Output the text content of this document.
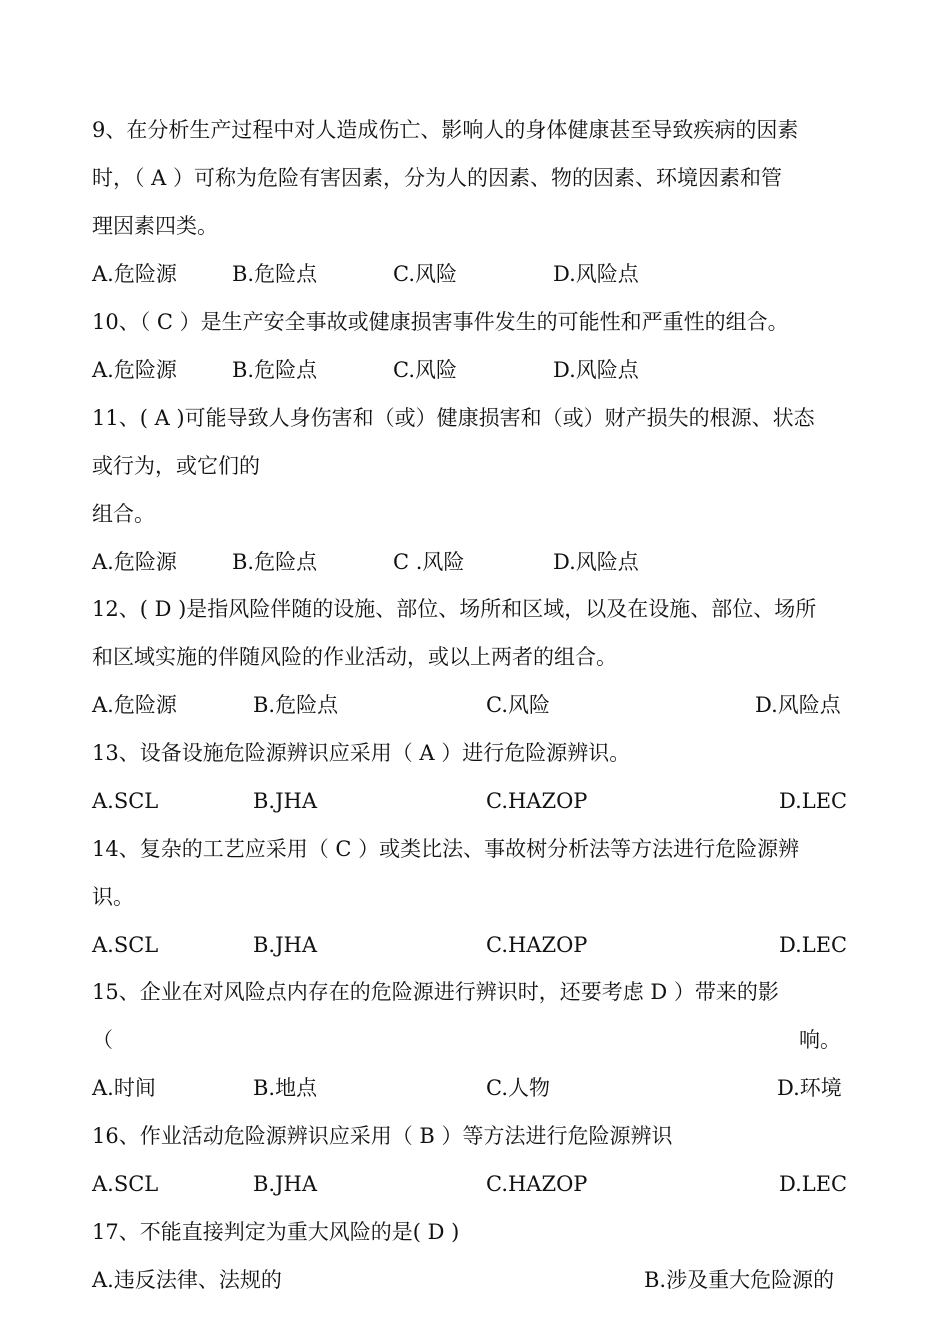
9、在分析生产过程中对人造成伤亡、影响人的身体健康甚至导致疾病的因素
时，（ A ）可称为危险有害因素，分为人的因素、物的因素、环境因素和管
理因素四类。
A.危险源	B.危险点	C.风险	D.风险点
10、（ C ）是生产安全事故或健康损害事件发生的可能性和严重性的组合。
A.危险源	B.危险点	C.风险	D.风险点
11、( A )可能导致人身伤害和（或）健康损害和（或）财产损失的根源、状态
或行为，或它们的
组合。
A.危险源	B.危险点	C .风险	D.风险点
12、( D )是指风险伴随的设施、部位、场所和区域，以及在设施、部位、场所
和区域实施的伴随风险的作业活动，或以上两者的组合。
A.危险源	B.危险点	C.风险	D.风险点
13、设备设施危险源辨识应采用（ A ）进行危险源辨识。
A.SCL	B.JHA	C.HAZOP	D.LEC
14、复杂的工艺应采用（ C ）或类比法、事故树分析法等方法进行危险源辨
识。
A.SCL	B.JHA	C.HAZOP	D.LEC
15、企业在对风险点内存在的危险源进行辨识时，还要考虑 D ）带来的影
（	响。
A.时间	B.地点	C.人物	D.环境
16、作业活动危险源辨识应采用（ B ）等方法进行危险源辨识
A.SCL	B.JHA	C.HAZOP	D.LEC
17、不能直接判定为重大风险的是( D )
A.违反法律、法规的	B.涉及重大危险源的
